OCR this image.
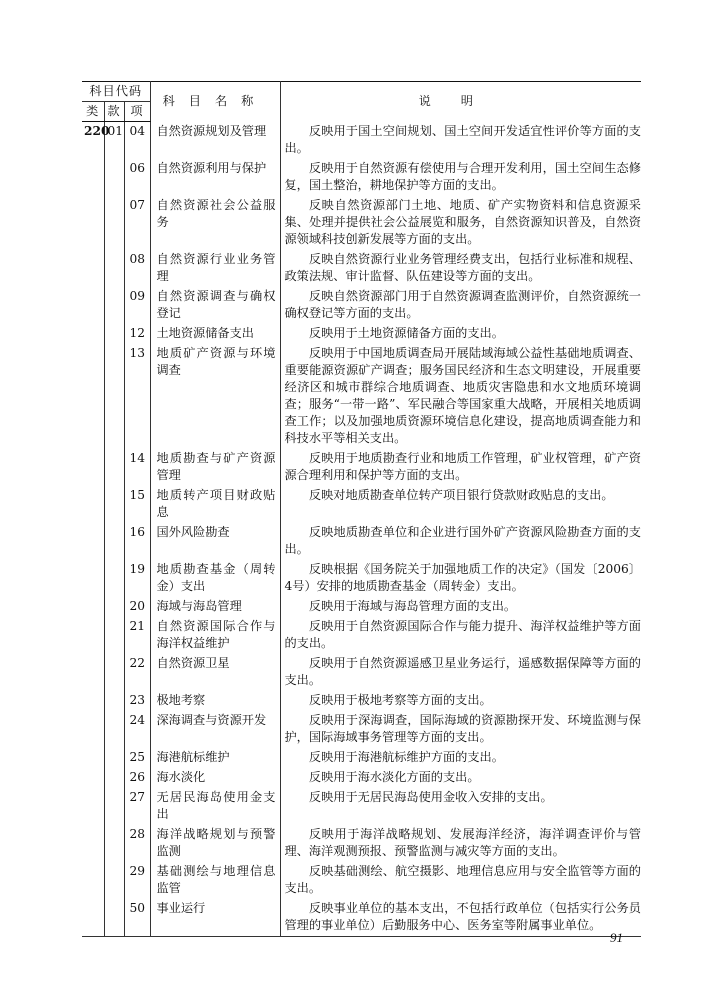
科目代码			科目名称	说明
类	款	项		
220	01	04	自然资源规划及管理	反映用于国土空间规划、国土空间开发适宜性评价等方面的支出。
		06	自然资源利用与保护	反映用于自然资源有偿使用与合理开发利用，国土空间生态修复，国土整治，耕地保护等方面的支出。
		07	自然资源社会公益服务	反映自然资源部门土地、地质、矿产实物资料和信息资源采集、处理并提供社会公益展览和服务，自然资源知识普及，自然资源领域科技创新发展等方面的支出。
		08	自然资源行业业务管理	反映自然资源行业业务管理经费支出，包括行业标准和规程、政策法规、审计监督、队伍建设等方面的支出。
		09	自然资源调查与确权登记	反映自然资源部门用于自然资源调查监测评价，自然资源统一确权登记等方面的支出。
		12	土地资源储备支出	反映用于土地资源储备方面的支出。
		13	地质矿产资源与环境调查	反映用于中国地质调查局开展陆域海域公益性基础地质调查、重要能源资源矿产调查；服务国民经济和生态文明建设，开展重要经济区和城市群综合地质调查、地质灾害隐患和水文地质环境调查；服务“一带一路”、军民融合等国家重大战略，开展相关地质调查工作；以及加强地质资源环境信息化建设，提高地质调查能力和科技水平等相关支出。
		14	地质勘查与矿产资源管理	反映用于地质勘查行业和地质工作管理，矿业权管理，矿产资源合理利用和保护等方面的支出。
		15	地质转产项目财政贴息	反映对地质勘查单位转产项目银行贷款财政贴息的支出。
		16	国外风险勘查	反映地质勘查单位和企业进行国外矿产资源风险勘查方面的支出。
		19	地质勘查基金（周转金）支出	反映根据《国务院关于加强地质工作的决定》（国发〔2006〕4号）安排的地质勘查基金（周转金）支出。
		20	海域与海岛管理	反映用于海域与海岛管理方面的支出。
		21	自然资源国际合作与海洋权益维护	反映用于自然资源国际合作与能力提升、海洋权益维护等方面的支出。
		22	自然资源卫星	反映用于自然资源遥感卫星业务运行，遥感数据保障等方面的支出。
		23	极地考察	反映用于极地考察等方面的支出。
		24	深海调查与资源开发	反映用于深海调查，国际海域的资源勘探开发、环境监测与保护，国际海域事务管理等方面的支出。
		25	海港航标维护	反映用于海港航标维护方面的支出。
		26	海水淡化	反映用于海水淡化方面的支出。
		27	无居民海岛使用金支出	反映用于无居民海岛使用金收入安排的支出。
		28	海洋战略规划与预警监测	反映用于海洋战略规划、发展海洋经济，海洋调查评价与管理、海洋观测预报、预警监测与减灾等方面的支出。
		29	基础测绘与地理信息监管	反映基础测绘、航空摄影、地理信息应用与安全监管等方面的支出。
		50	事业运行	反映事业单位的基本支出，不包括行政单位（包括实行公务员管理的事业单位）后勤服务中心、医务室等附属事业单位。
91
